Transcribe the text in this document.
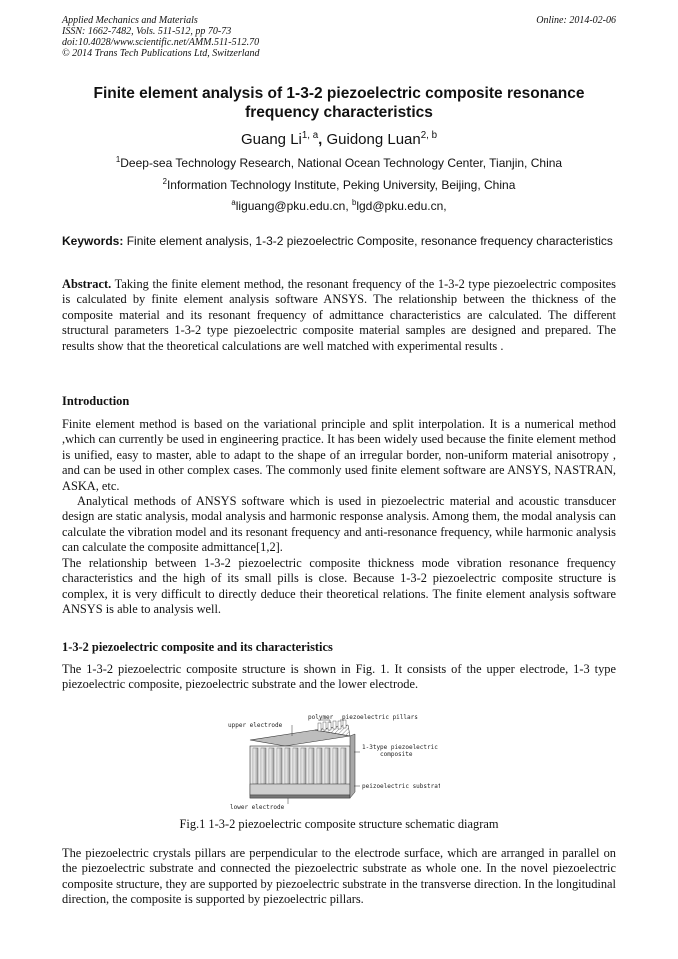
Applied Mechanics and Materials
ISSN: 1662-7482, Vols. 511-512, pp 70-73
doi:10.4028/www.scientific.net/AMM.511-512.70
© 2014 Trans Tech Publications Ltd, Switzerland
Online: 2014-02-06
Finite element analysis of 1-3-2 piezoelectric composite resonance frequency characteristics
Guang Li$^{1, a}$, Guidong Luan$^{2, b}$
$^1$Deep-sea Technology Research, National Ocean Technology Center, Tianjin, China
$^2$Information Technology Institute, Peking University, Beijing, China
$^a$liguang@pku.edu.cn, $^b$lgd@pku.edu.cn,
Keywords: Finite element analysis, 1-3-2 piezoelectric Composite, resonance frequency characteristics
Abstract. Taking the finite element method, the resonant frequency of the 1-3-2 type piezoelectric composites is calculated by finite element analysis software ANSYS. The relationship between the thickness of the composite material and its resonant frequency of admittance characteristics are calculated. The different structural parameters 1-3-2 type piezoelectric composite material samples are designed and prepared. The results show that the theoretical calculations are well matched with experimental results .
Introduction
Finite element method is based on the variational principle and split interpolation. It is a numerical method ,which can currently be used in engineering practice. It has been widely used because the finite element method is unified, easy to master, able to adapt to the shape of an irregular border, non-uniform material anisotropy , and can be used in other complex cases. The commonly used finite element software are ANSYS, NASTRAN, ASKA, etc.
Analytical methods of ANSYS software which is used in piezoelectric material and acoustic transducer design are static analysis, modal analysis and harmonic response analysis. Among them, the modal analysis can calculate the vibration model and its resonant frequency and anti-resonance frequency, while harmonic analysis can calculate the composite admittance[1,2].
The relationship between 1-3-2 piezoelectric composite thickness mode vibration resonance frequency characteristics and the high of its small pills is close. Because 1-3-2 piezoelectric composite structure is complex, it is very difficult to directly deduce their theoretical relations. The finite element analysis software ANSYS is able to analysis well.
1-3-2 piezoelectric composite and its characteristics
The 1-3-2 piezoelectric composite structure is shown in Fig. 1. It consists of the upper electrode, 1-3 type piezoelectric composite, piezoelectric substrate and the lower electrode.
upper electrode
polymer piezoelectric pillars
1-3type piezoelectric
composite
peizoelectric substrate
lower electrode
Fig.1 1-3-2 piezoelectric composite structure schematic diagram
The piezoelectric crystals pillars are perpendicular to the electrode surface, which are arranged in parallel on the piezoelectric substrate and connected the piezoelectric substrate as whole one. In the novel piezoelectric composite structure, they are supported by piezoelectric substrate in the transverse direction. In the longitudinal direction, the composite is supported by piezoelectric pillars.
